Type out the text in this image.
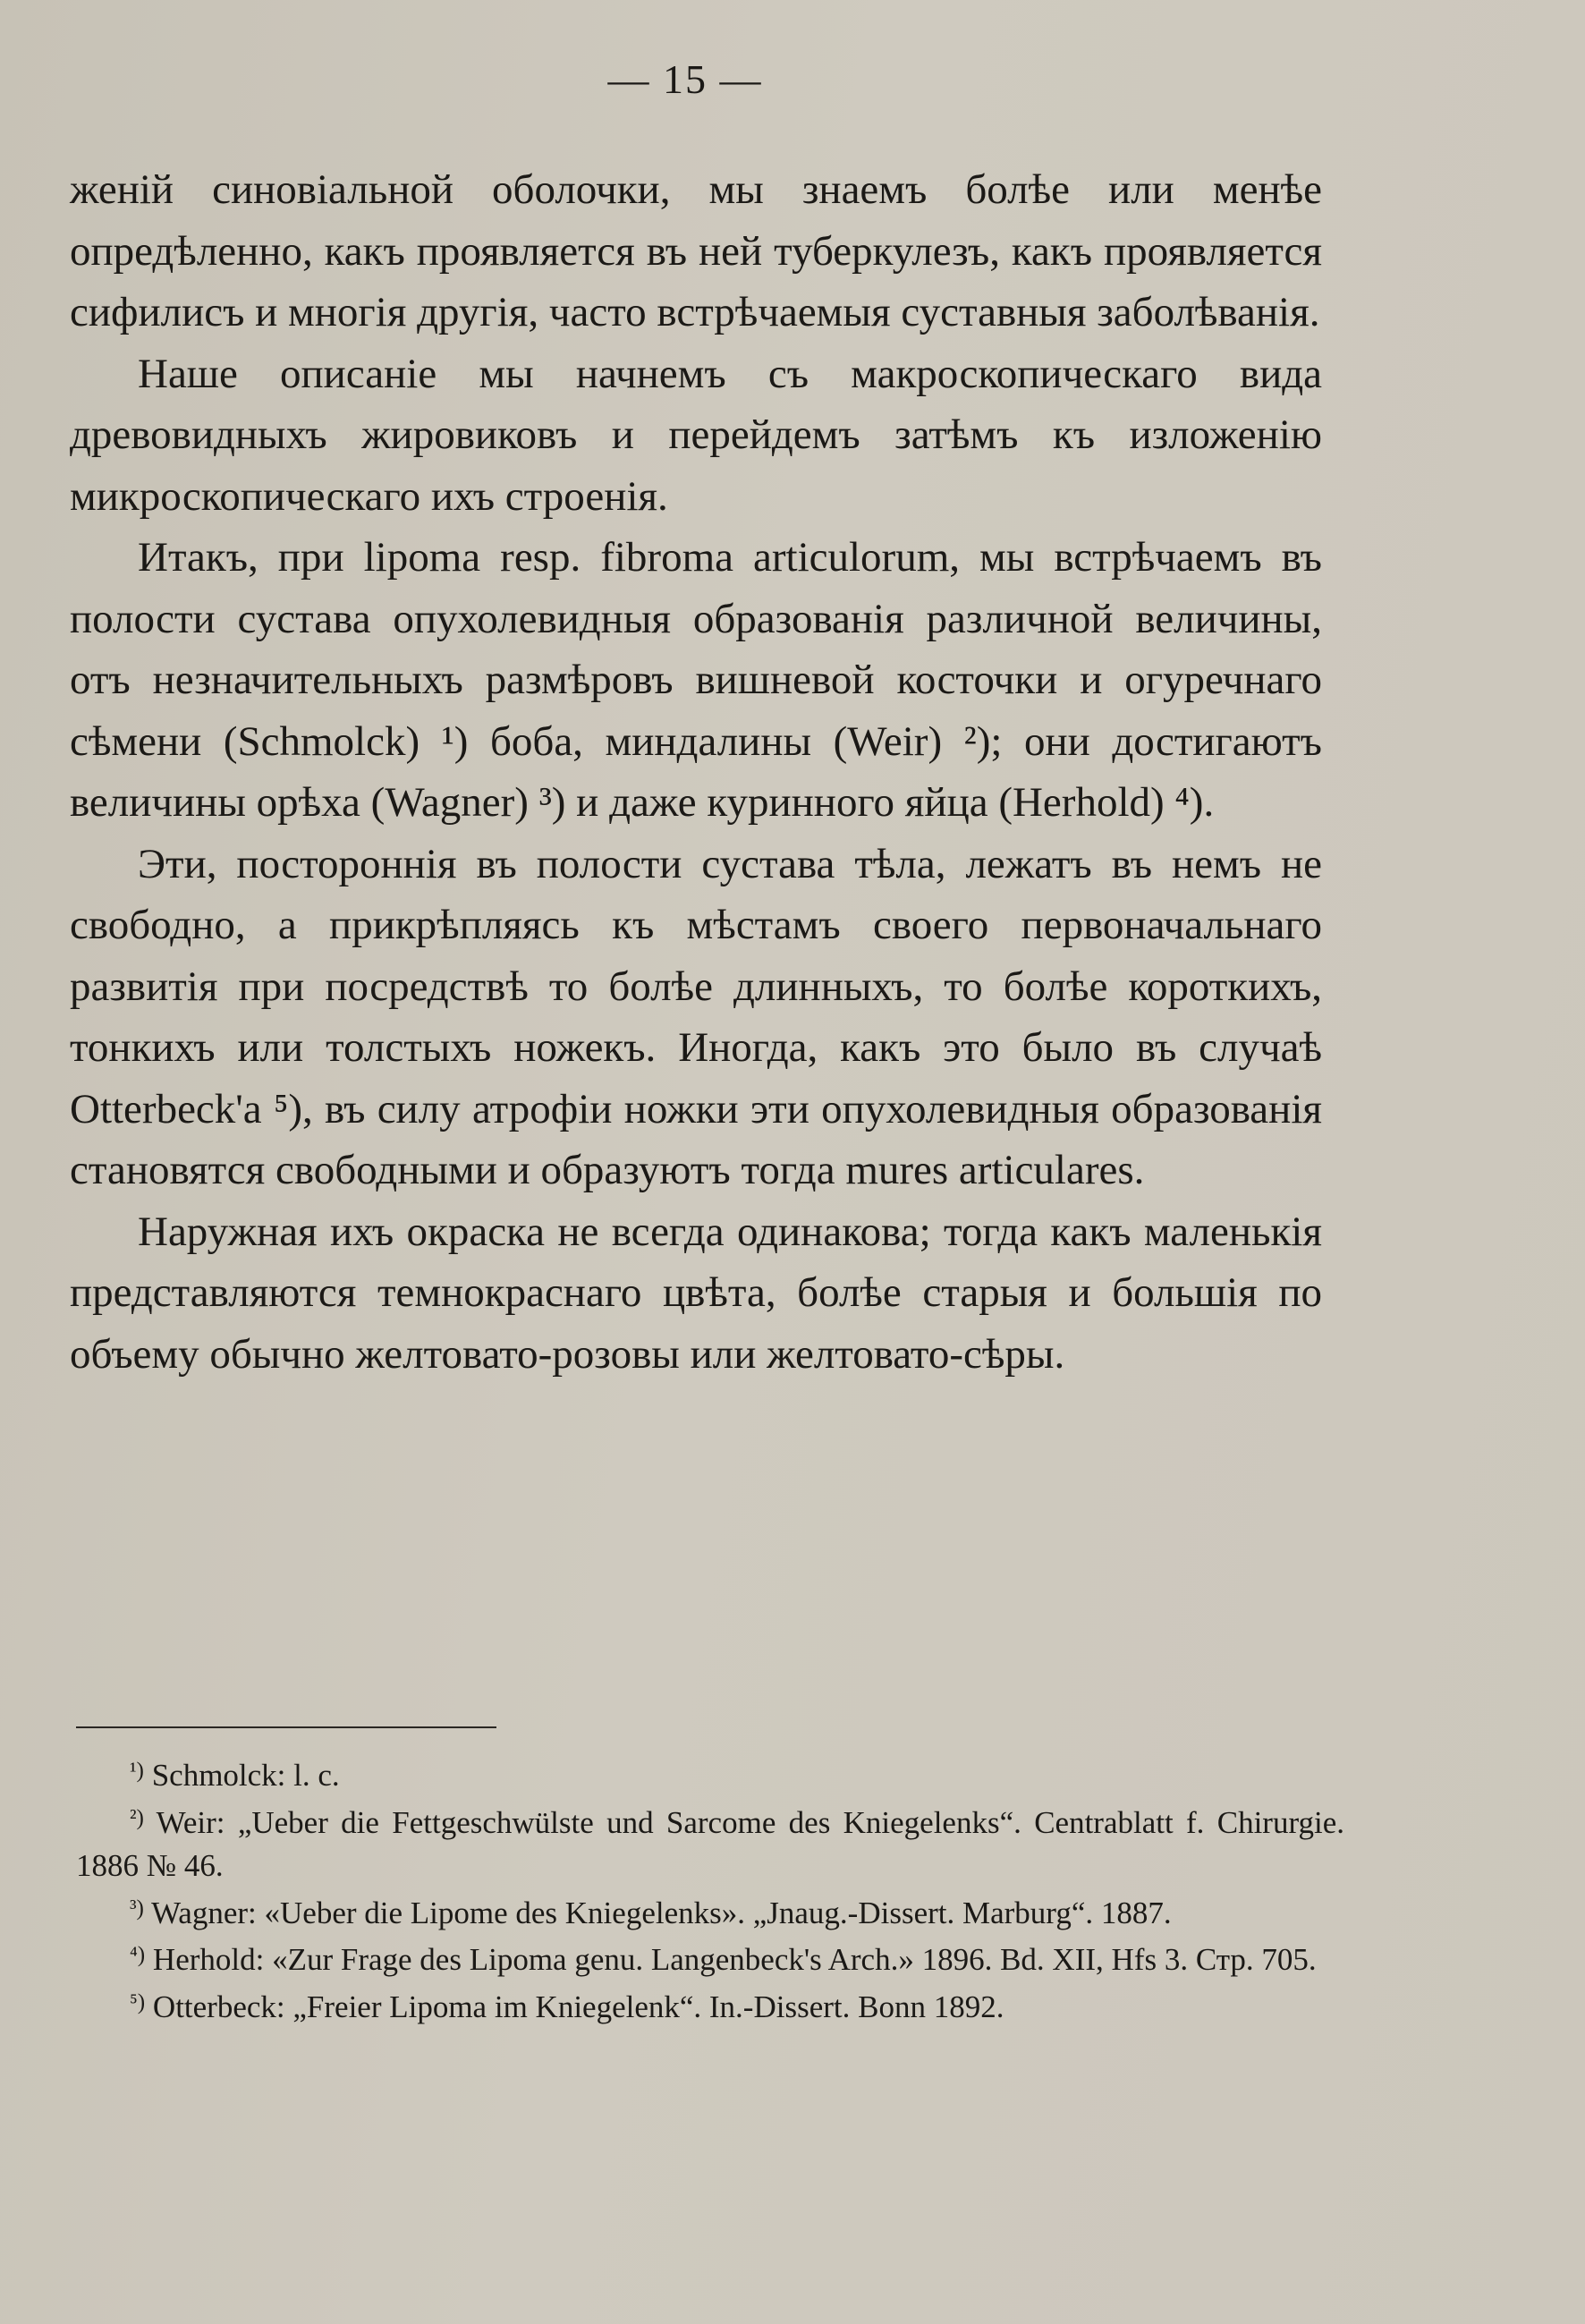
— 15 —

женій синовіальной оболочки, мы знаемъ болѣе или менѣе опредѣленно, какъ проявляется въ ней туберкулезъ, какъ проявляется сифилисъ и многія другія, часто встрѣчаемыя суставныя заболѣванія.

Наше описаніе мы начнемъ съ макроскопическаго вида древовидныхъ жировиковъ и перейдемъ затѣмъ къ изложенію микроскопическаго ихъ строенія.

Итакъ, при lipoma resp. fibroma articulorum, мы встрѣчаемъ въ полости сустава опухолевидныя образованія различной величины, отъ незначительныхъ размѣровъ вишневой косточки и огуречнаго сѣмени (Schmolck) ¹) боба, миндалины (Weir) ²); они достигаютъ величины орѣха (Wagner) ³) и даже куринного яйца (Herhold) ⁴).

Эти, постороннія въ полости сустава тѣла, лежатъ въ немъ не свободно, а прикрѣпляясь къ мѣстамъ своего первоначальнаго развитія при посредствѣ то болѣе длинныхъ, то болѣе короткихъ, тонкихъ или толстыхъ ножекъ. Иногда, какъ это было въ случаѣ Otterbeck'а ⁵), въ силу атрофіи ножки эти опухолевидныя образованія становятся свободными и образуютъ тогда mures articulares.

Наружная ихъ окраска не всегда одинакова; тогда какъ маленькія представляются темнокраснаго цвѣта, болѣе старыя и большія по объему обычно желтовато-розовы или желтовато-сѣры.

$^{^1)}$ Schmolck: l. c.

$^{^2)}$ Weir: „Ueber die Fettgeschwülste und Sarcome des Kniegelenks“. Centrablatt f. Chirurgie. 1886 № 46.

$^{^3)}$ Wagner: «Ueber die Lipome des Kniegelenks». „Jnaug.-Dissert. Marburg“. 1887.

$^{^4)}$ Herhold: «Zur Frage des Lipoma genu. Langenbeck's Arch.» 1896. Bd. XII, Hfs 3. Стр. 705.

$^{^5)}$ Otterbeck: „Freier Lipoma im Kniegelenk“. In.-Dissert. Bonn 1892.
